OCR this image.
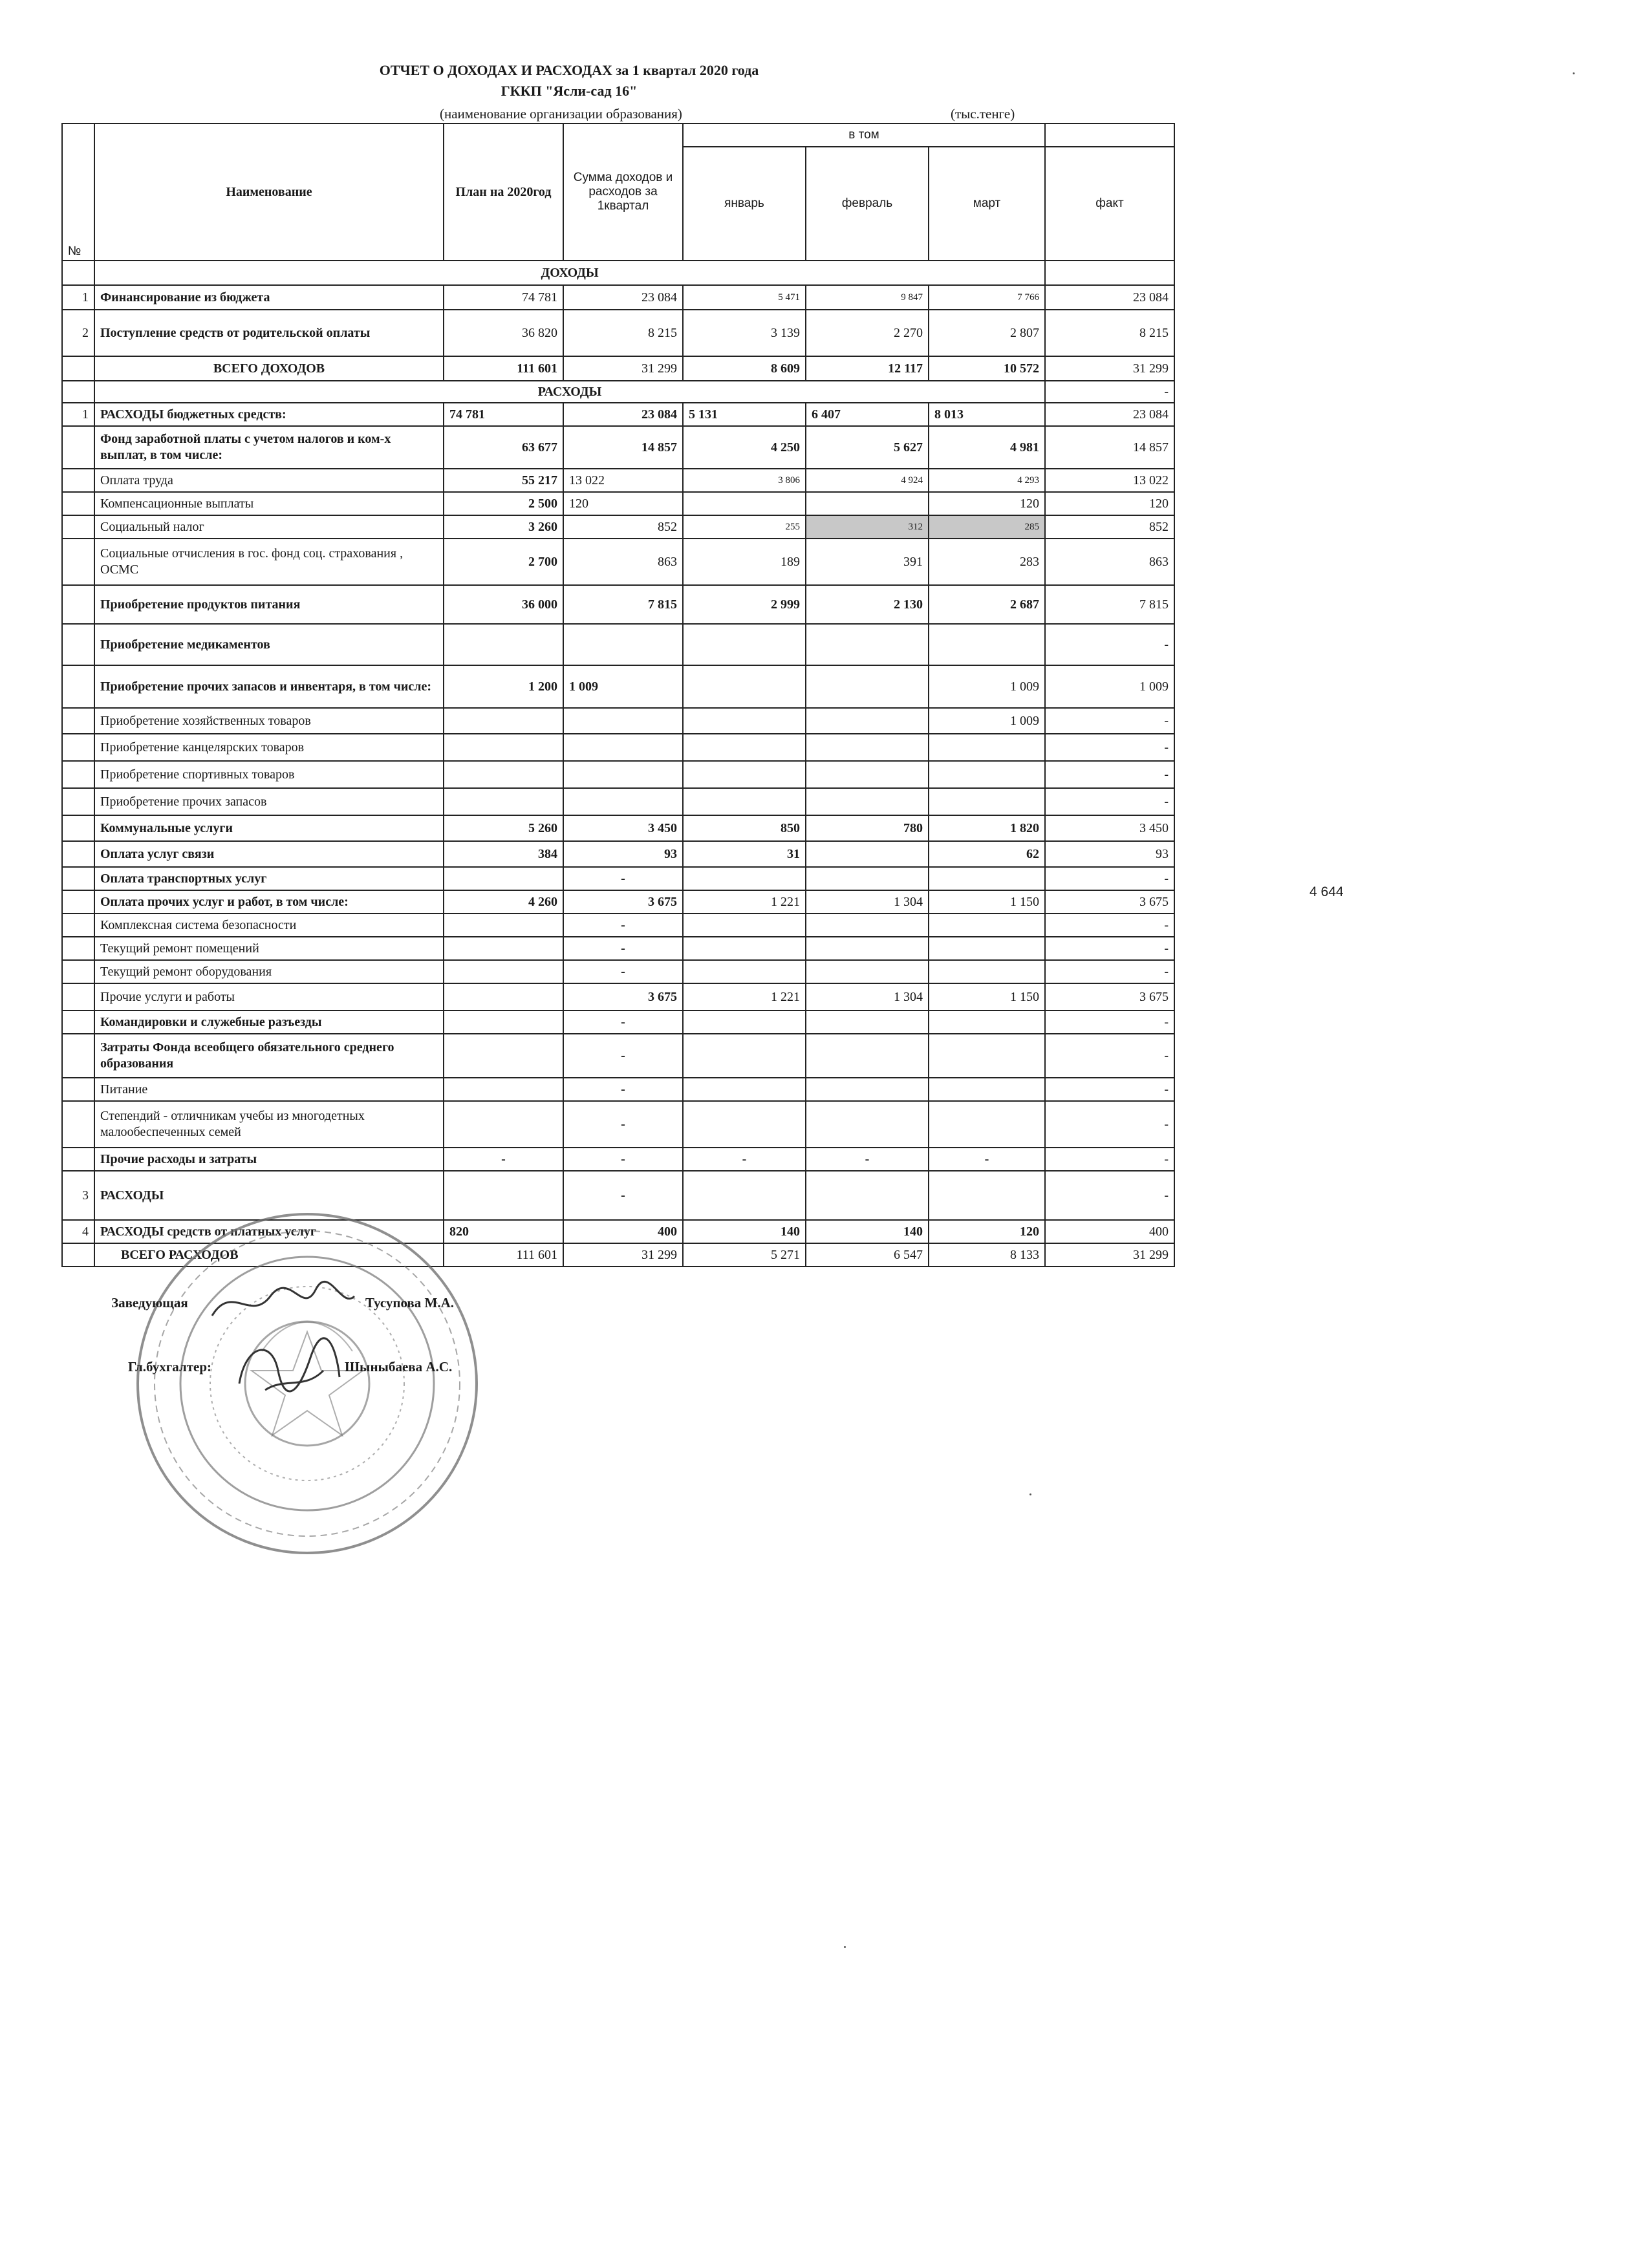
ОТЧЕТ О ДОХОДАХ И РАСХОДАХ за 1 квартал 2020 года
ГККП "Ясли-сад 16"
(наименование организации образования)	(тыс.тенге)
№	Наименование	План на 2020год	Сумма доходов и расходов за 1квартал	в том			
				январь	февраль	март	факт
	ДОХОДЫ						
1	Финансирование из бюджета	74 781	23 084	5 471	9 847	7 766	23 084
2	Поступление средств от родительской оплаты	36 820	8 215	3 139	2 270	2 807	8 215
	ВСЕГО ДОХОДОВ	111 601	31 299	8 609	12 117	10 572	31 299
	РАСХОДЫ						-
1	РАСХОДЫ бюджетных средств:	74 781	23 084	5 131	6 407	8 013	23 084
	Фонд заработной платы с учетом налогов и ком-х выплат, в том числе:	63 677	14 857	4 250	5 627	4 981	14 857
	Оплата труда	55 217	13 022	3 806	4 924	4 293	13 022
	Компенсационные выплаты	2 500	120			120	120
	Социальный налог	3 260	852	255	312	285	852
	Социальные отчисления в гос. фонд соц. страхования , ОСМС	2 700	863	189	391	283	863
	Приобретение продуктов питания	36 000	7 815	2 999	2 130	2 687	7 815
	Приобретение медикаментов						-
	Приобретение прочих запасов и инвентаря, в том числе:	1 200	1 009			1 009	1 009
	Приобретение хозяйственных товаров					1 009	-
	Приобретение канцелярских товаров						-
	Приобретение спортивных товаров						-
	Приобретение прочих запасов						-
	Коммунальные услуги	5 260	3 450	850	780	1 820	3 450
	Оплата услуг связи	384	93	31		62	93
	Оплата транспортных услуг		-				-
	Оплата прочих услуг и работ, в том числе:	4 260	3 675	1 221	1 304	1 150	3 675
	Комплексная система безопасности		-				-
	Текущий ремонт помещений		-				-
	Текущий ремонт оборудования		-				-
	Прочие услуги и работы		3 675	1 221	1 304	1 150	3 675
	Командировки и служебные разъезды		-				-
	Затраты Фонда всеобщего обязательного среднего образования		-				-
	Питание		-				-
	Степендий - отличникам учебы из многодетных малообеспеченных семей		-				-
	Прочие расходы и затраты	-	-	-	-	-	-
3	РАСХОДЫ		-				-
4	РАСХОДЫ средств от платных услуг	820	400	140	140	120	400
	ВСЕГО РАСХОДОВ	111 601	31 299	5 271	6 547	8 133	31 299
4 644
Заведующая	Тусупова М.А.
Гл.бухгалтер:	Шыныбаева А.С.
